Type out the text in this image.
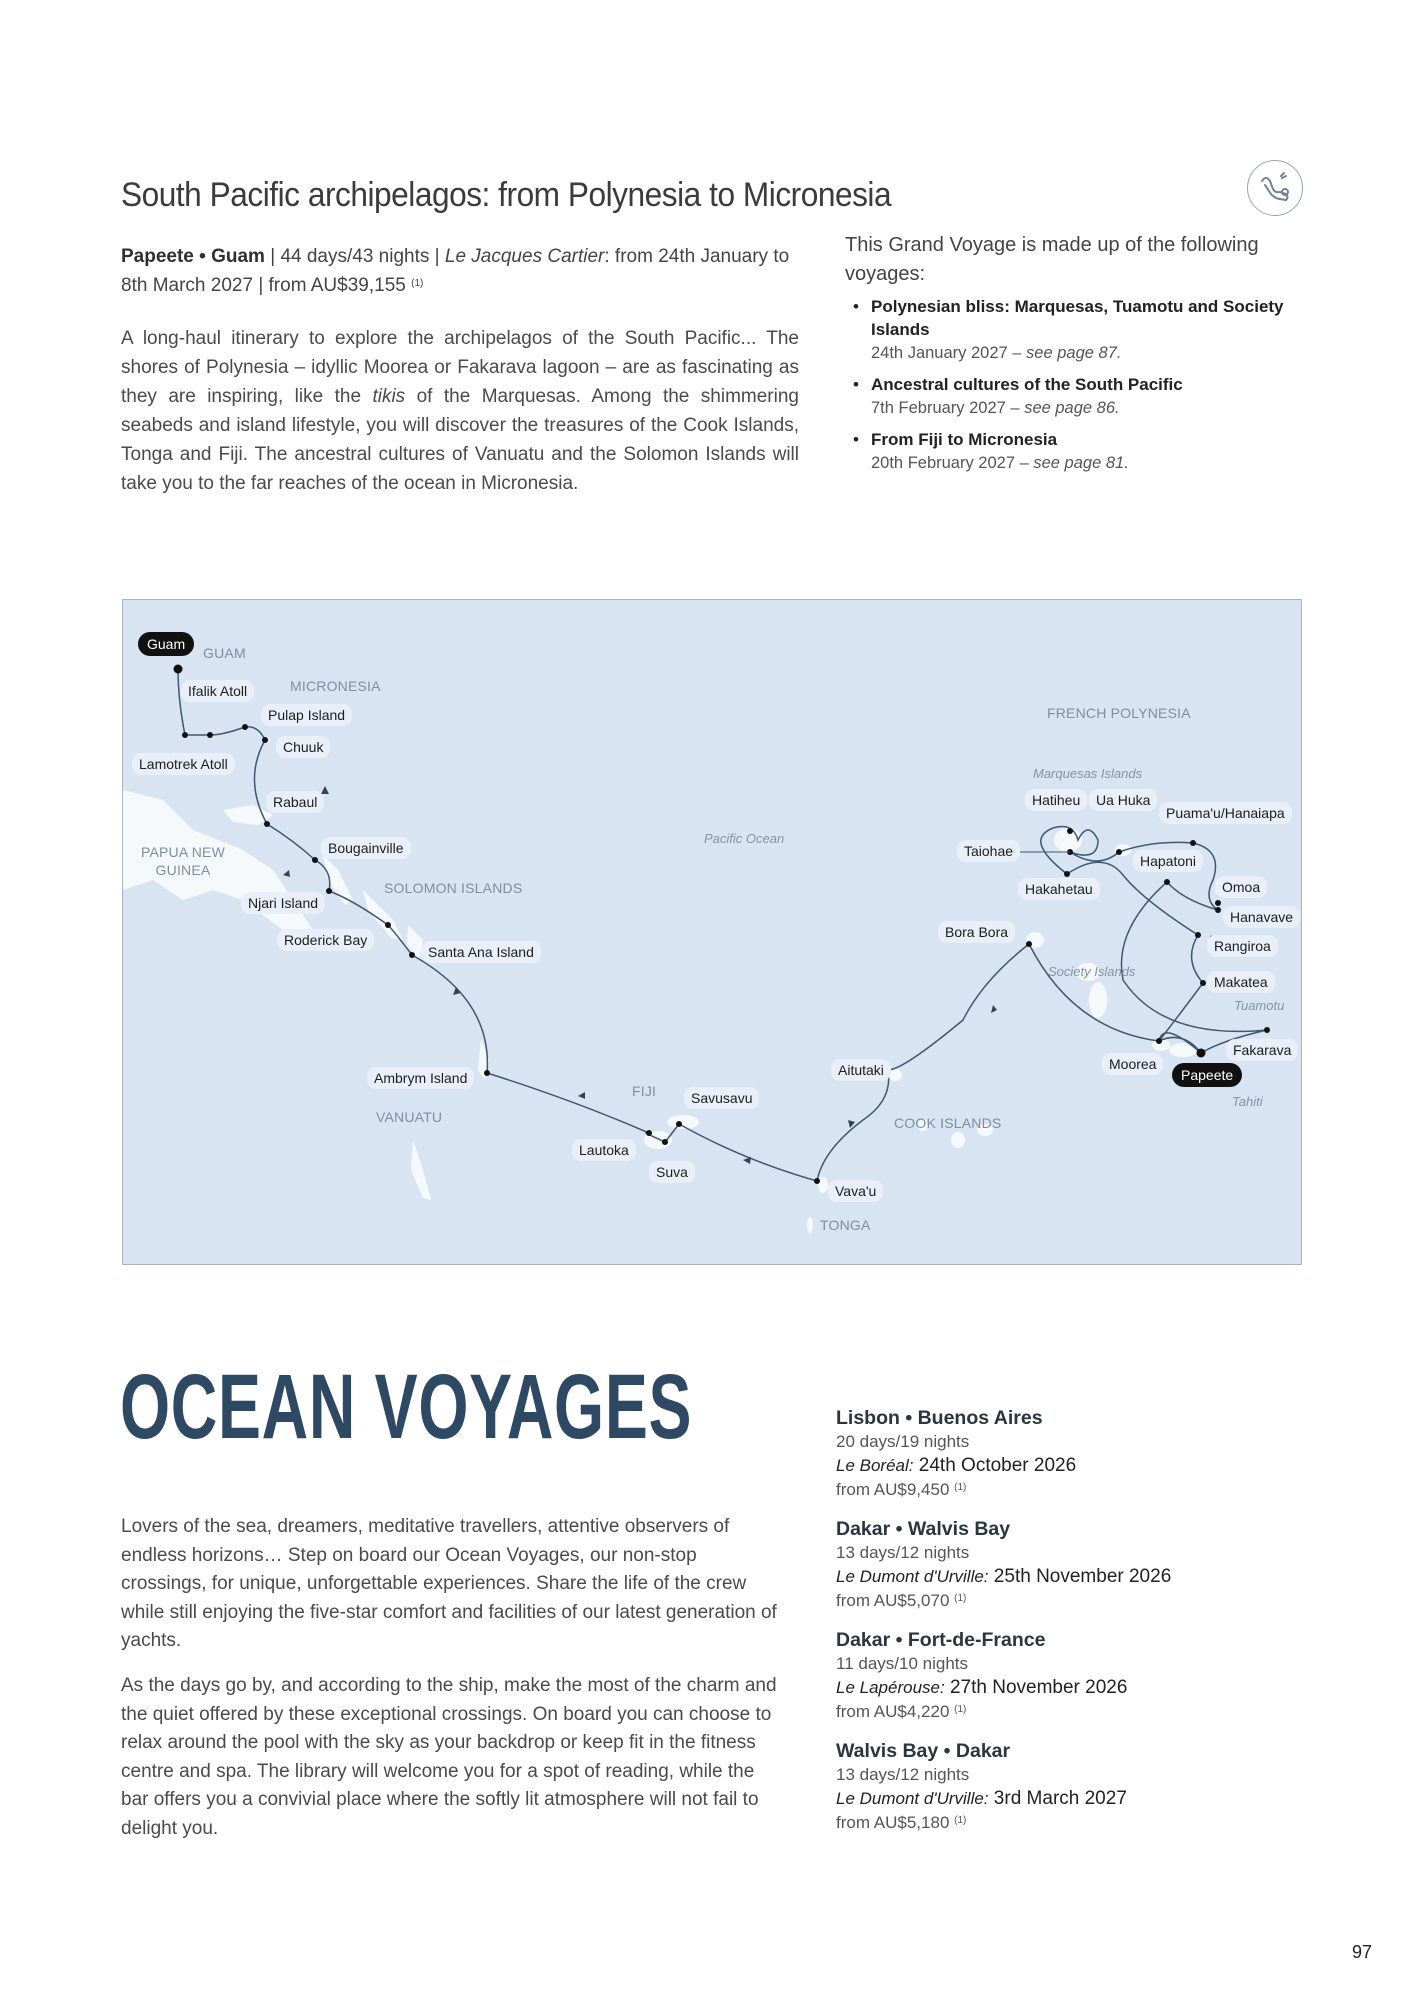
South Pacific archipelagos: from Polynesia to Micronesia
Papeete • Guam | 44 days/43 nights | Le Jacques Cartier: from 24th January to 8th March 2027 | from AU$39,155 $^{(1)}$

A long-haul itinerary to explore the archipelagos of the South Pacific... The shores of Polynesia – idyllic Moorea or Fakarava lagoon – are as fascinating as they are inspiring, like the tikis of the Marquesas. Among the shimmering seabeds and island lifestyle, you will discover the treasures of the Cook Islands, Tonga and Fiji. The ancestral cultures of Vanuatu and the Solomon Islands will take you to the far reaches of the ocean in Micronesia.

This Grand Voyage is made up of the following voyages:
• Polynesian bliss: Marquesas, Tuamotu and Society Islands
24th January 2027 – see page 87.
• Ancestral cultures of the South Pacific
7th February 2027 – see page 86.
• From Fiji to Micronesia
20th February 2027 – see page 81.
Guam
GUAM
Ifalik Atoll	MICRONESIA
Pulap Island
Chuuk
Lamotrek Atoll
Rabaul
PAPUA NEW GUINEA
Bougainville
SOLOMON ISLANDS
Njari Island
Roderick Bay
Santa Ana Island
Pacific Ocean
FRENCH POLYNESIA
Marquesas Islands
Hatiheu	Ua Huka
Puama'u/Hanaiapa
Taiohae
Hapatoni
Hakahetau	Omoa
Hanavave
Bora Bora
Rangiroa
Society Islands
Makatea
Tuamotu
Fakarava
Moorea
Papeete
Tahiti
Aitutaki
COOK ISLANDS
Ambrym Island
VANUATU
FIJI	Savusavu
Lautoka
Suva
Vava'u
TONGA
OCEAN VOYAGES

Lovers of the sea, dreamers, meditative travellers, attentive observers of endless horizons… Step on board our Ocean Voyages, our non-stop crossings, for unique, unforgettable experiences. Share the life of the crew while still enjoying the five-star comfort and facilities of our latest generation of yachts.

As the days go by, and according to the ship, make the most of the charm and the quiet offered by these exceptional crossings. On board you can choose to relax around the pool with the sky as your backdrop or keep fit in the fitness centre and spa. The library will welcome you for a spot of reading, while the bar offers you a convivial place where the softly lit atmosphere will not fail to delight you.

Lisbon • Buenos Aires
20 days/19 nights
Le Boréal: 24th October 2026
from AU$9,450 $^{(1)}$
Dakar • Walvis Bay
13 days/12 nights
Le Dumont d'Urville: 25th November 2026
from AU$5,070 $^{(1)}$
Dakar • Fort-de-France
11 days/10 nights
Le Lapérouse: 27th November 2026
from AU$4,220 $^{(1)}$
Walvis Bay • Dakar
13 days/12 nights
Le Dumont d'Urville: 3rd March 2027
from AU$5,180 $^{(1)}$
97
